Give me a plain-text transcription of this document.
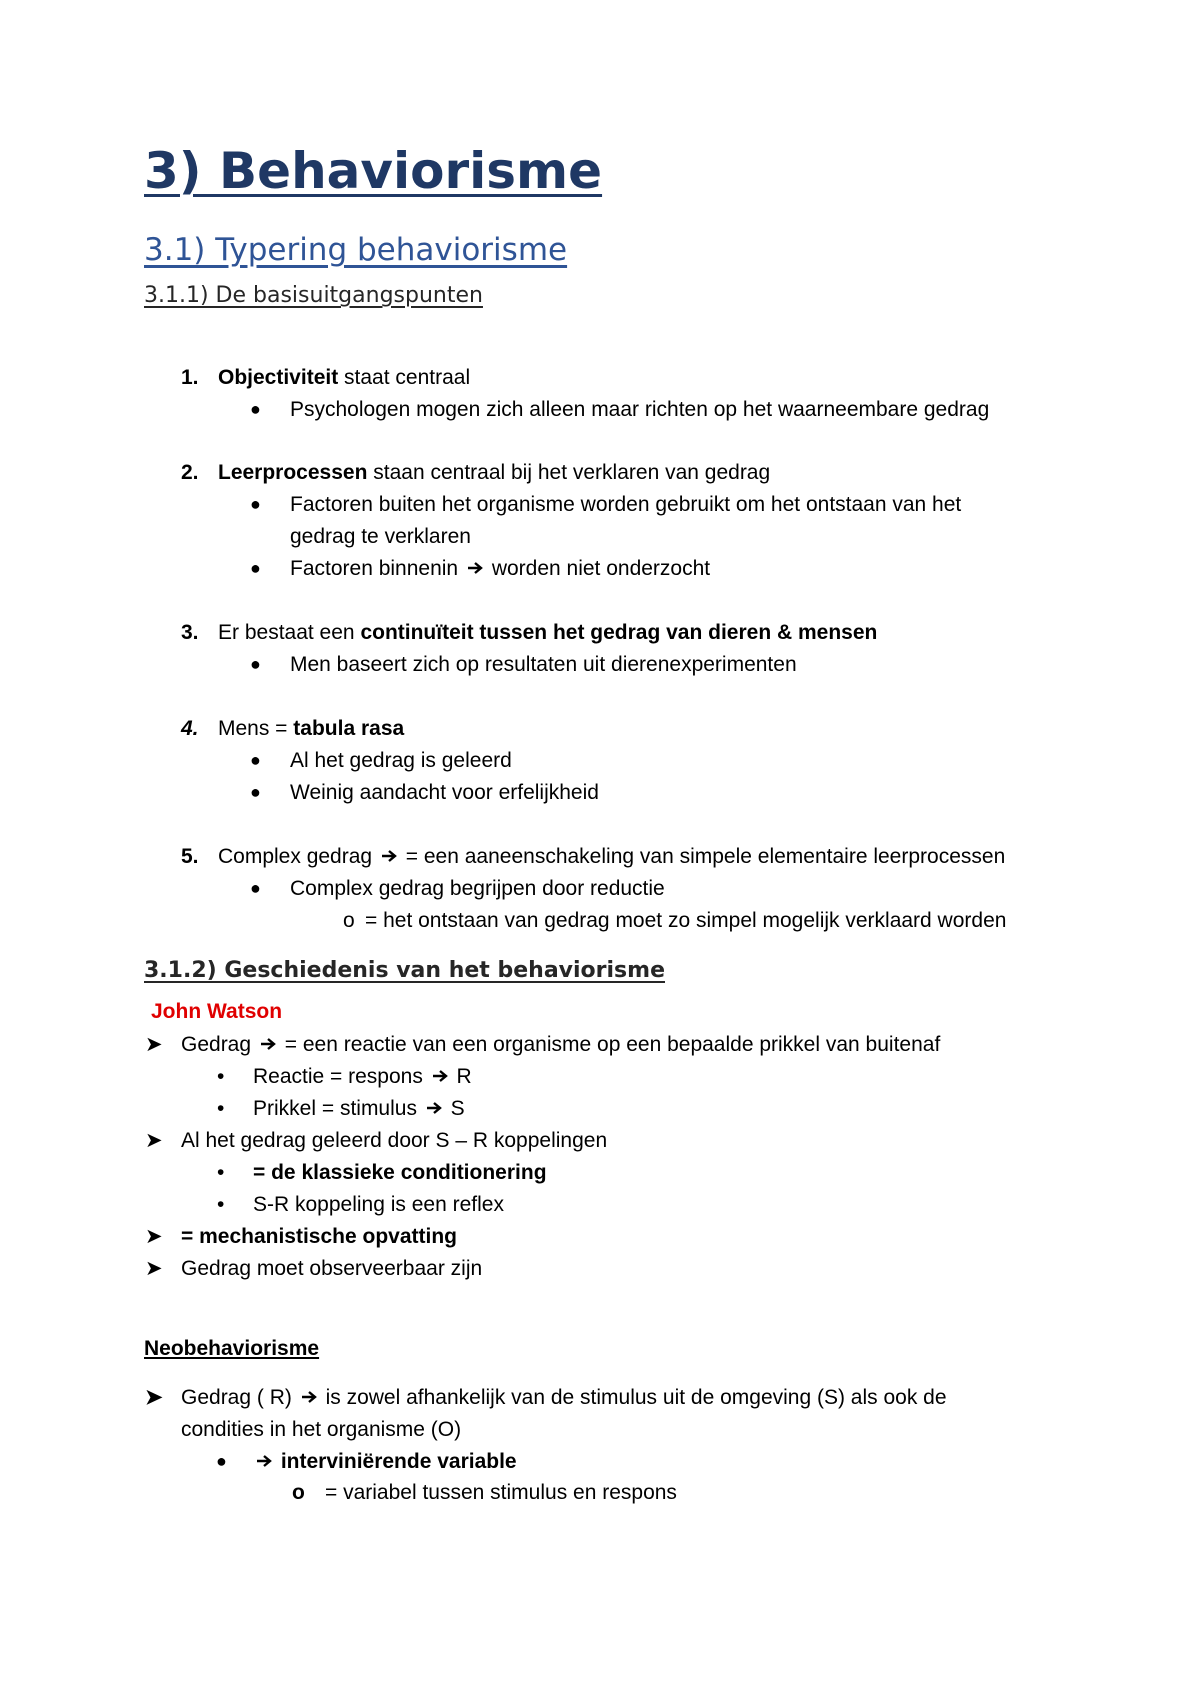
3) Behaviorisme
3.1) Typering behaviorisme
3.1.1) De basisuitgangspunten
1. Objectiviteit staat centraal
● Psychologen mogen zich alleen maar richten op het waarneembare gedrag
2. Leerprocessen staan centraal bij het verklaren van gedrag
● Factoren buiten het organisme worden gebruikt om het ontstaan van het
gedrag te verklaren
● Factoren binnenin worden niet onderzocht
3. Er bestaat een continuïteit tussen het gedrag van dieren & mensen
● Men baseert zich op resultaten uit dierenexperimenten
4. Mens = tabula rasa
● Al het gedrag is geleerd
● Weinig aandacht voor erfelijkheid
5. Complex gedrag = een aaneenschakeling van simpele elementaire leerprocessen
● Complex gedrag begrijpen door reductie
o = het ontstaan van gedrag moet zo simpel mogelijk verklaard worden
3.1.2) Geschiedenis van het behaviorisme
John Watson
➤ Gedrag = een reactie van een organisme op een bepaalde prikkel van buitenaf
• Reactie = respons R
• Prikkel = stimulus S
➤ Al het gedrag geleerd door S – R koppelingen
• = de klassieke conditionering
• S-R koppeling is een reflex
➤ = mechanistische opvatting
➤ Gedrag moet observeerbaar zijn
Neobehaviorisme
➤ Gedrag ( R) is zowel afhankelijk van de stimulus uit de omgeving (S) als ook de
condities in het organisme (O)
●	interviniërende variable
o = variabel tussen stimulus en respons
